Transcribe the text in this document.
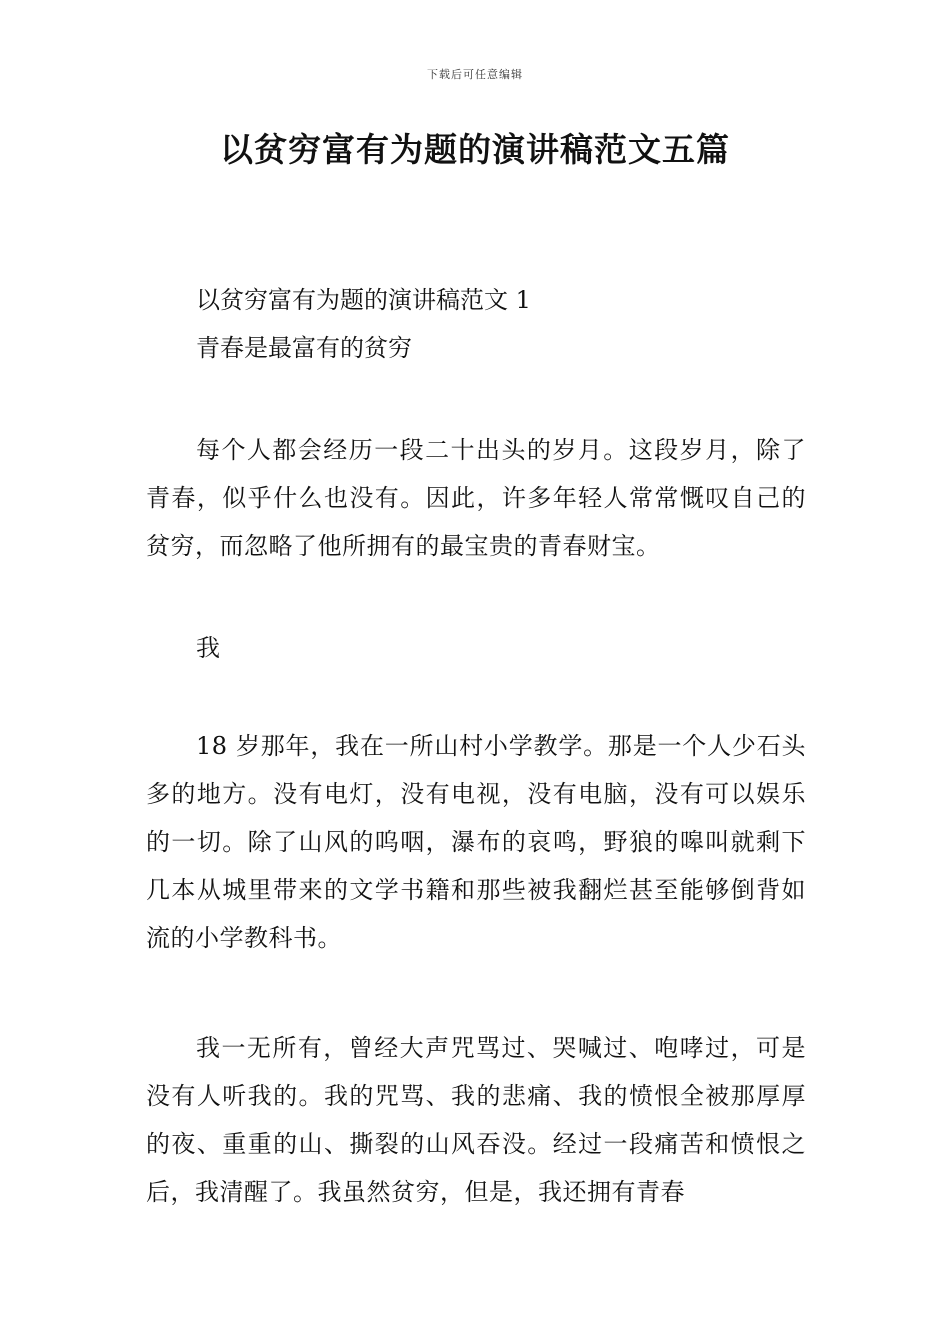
下载后可任意编辑
以贫穷富有为题的演讲稿范文五篇
以贫穷富有为题的演讲稿范文 1
青春是最富有的贫穷

每个人都会经历一段二十出头的岁月。这段岁月，除了青春，似乎什么也没有。因此，许多年轻人常常慨叹自己的贫穷，而忽略了他所拥有的最宝贵的青春财宝。

我

18 岁那年，我在一所山村小学教学。那是一个人少石头多的地方。没有电灯，没有电视，没有电脑，没有可以娱乐的一切。除了山风的呜咽，瀑布的哀鸣，野狼的嗥叫就剩下几本从城里带来的文学书籍和那些被我翻烂甚至能够倒背如流的小学教科书。

我一无所有，曾经大声咒骂过、哭喊过、咆哮过，可是没有人听我的。我的咒骂、我的悲痛、我的愤恨全被那厚厚的夜、重重的山、撕裂的山风吞没。经过一段痛苦和愤恨之后，我清醒了。我虽然贫穷，但是，我还拥有青春
